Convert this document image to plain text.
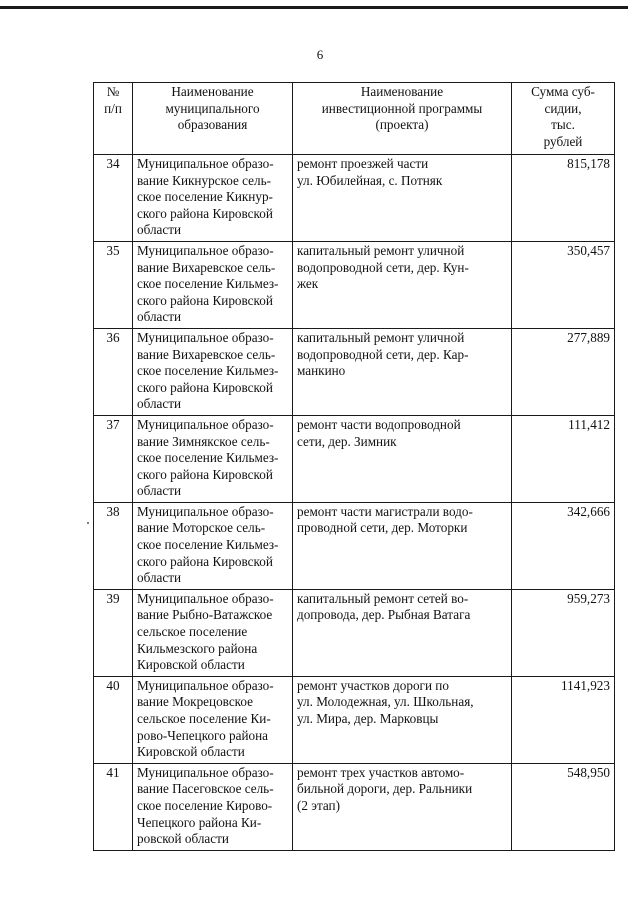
6
№
п/п	Наименование
муниципального
образования	Наименование
инвестиционной программы
(проекта)	Сумма суб-
сидии,
тыс.
рублей
34	Муниципальное образо-
вание Кикнурское сель-
ское поселение Кикнур-
ского района Кировской
области	ремонт проезжей части
ул. Юбилейная, с. Потняк	815,178
35	Муниципальное образо-
вание Вихаревское сель-
ское поселение Кильмез-
ского района Кировской
области	капитальный ремонт уличной
водопроводной сети, дер. Кун-
жек	350,457
36	Муниципальное образо-
вание Вихаревское сель-
ское поселение Кильмез-
ского района Кировской
области	капитальный ремонт уличной
водопроводной сети, дер. Кар-
манкино	277,889
37	Муниципальное образо-
вание Зимнякское сель-
ское поселение Кильмез-
ского района Кировской
области	ремонт части водопроводной
сети, дер. Зимник	111,412
38	Муниципальное образо-
вание Моторское сель-
ское поселение Кильмез-
ского района Кировской
области	ремонт части магистрали водо-
проводной сети, дер. Моторки	342,666
39	Муниципальное образо-
вание Рыбно-Ватажское
сельское поселение
Кильмезского района
Кировской области	капитальный ремонт сетей во-
допровода, дер. Рыбная Ватага	959,273
40	Муниципальное образо-
вание Мокрецовское
сельское поселение Ки-
рово-Чепецкого района
Кировской области	ремонт участков дороги по
ул. Молодежная, ул. Школьная,
ул. Мира, дер. Марковцы	1141,923
41	Муниципальное образо-
вание Пасеговское сель-
ское поселение Кирово-
Чепецкого района Ки-
ровской области	ремонт трех участков автомо-
бильной дороги, дер. Ральники
(2 этап)	548,950
